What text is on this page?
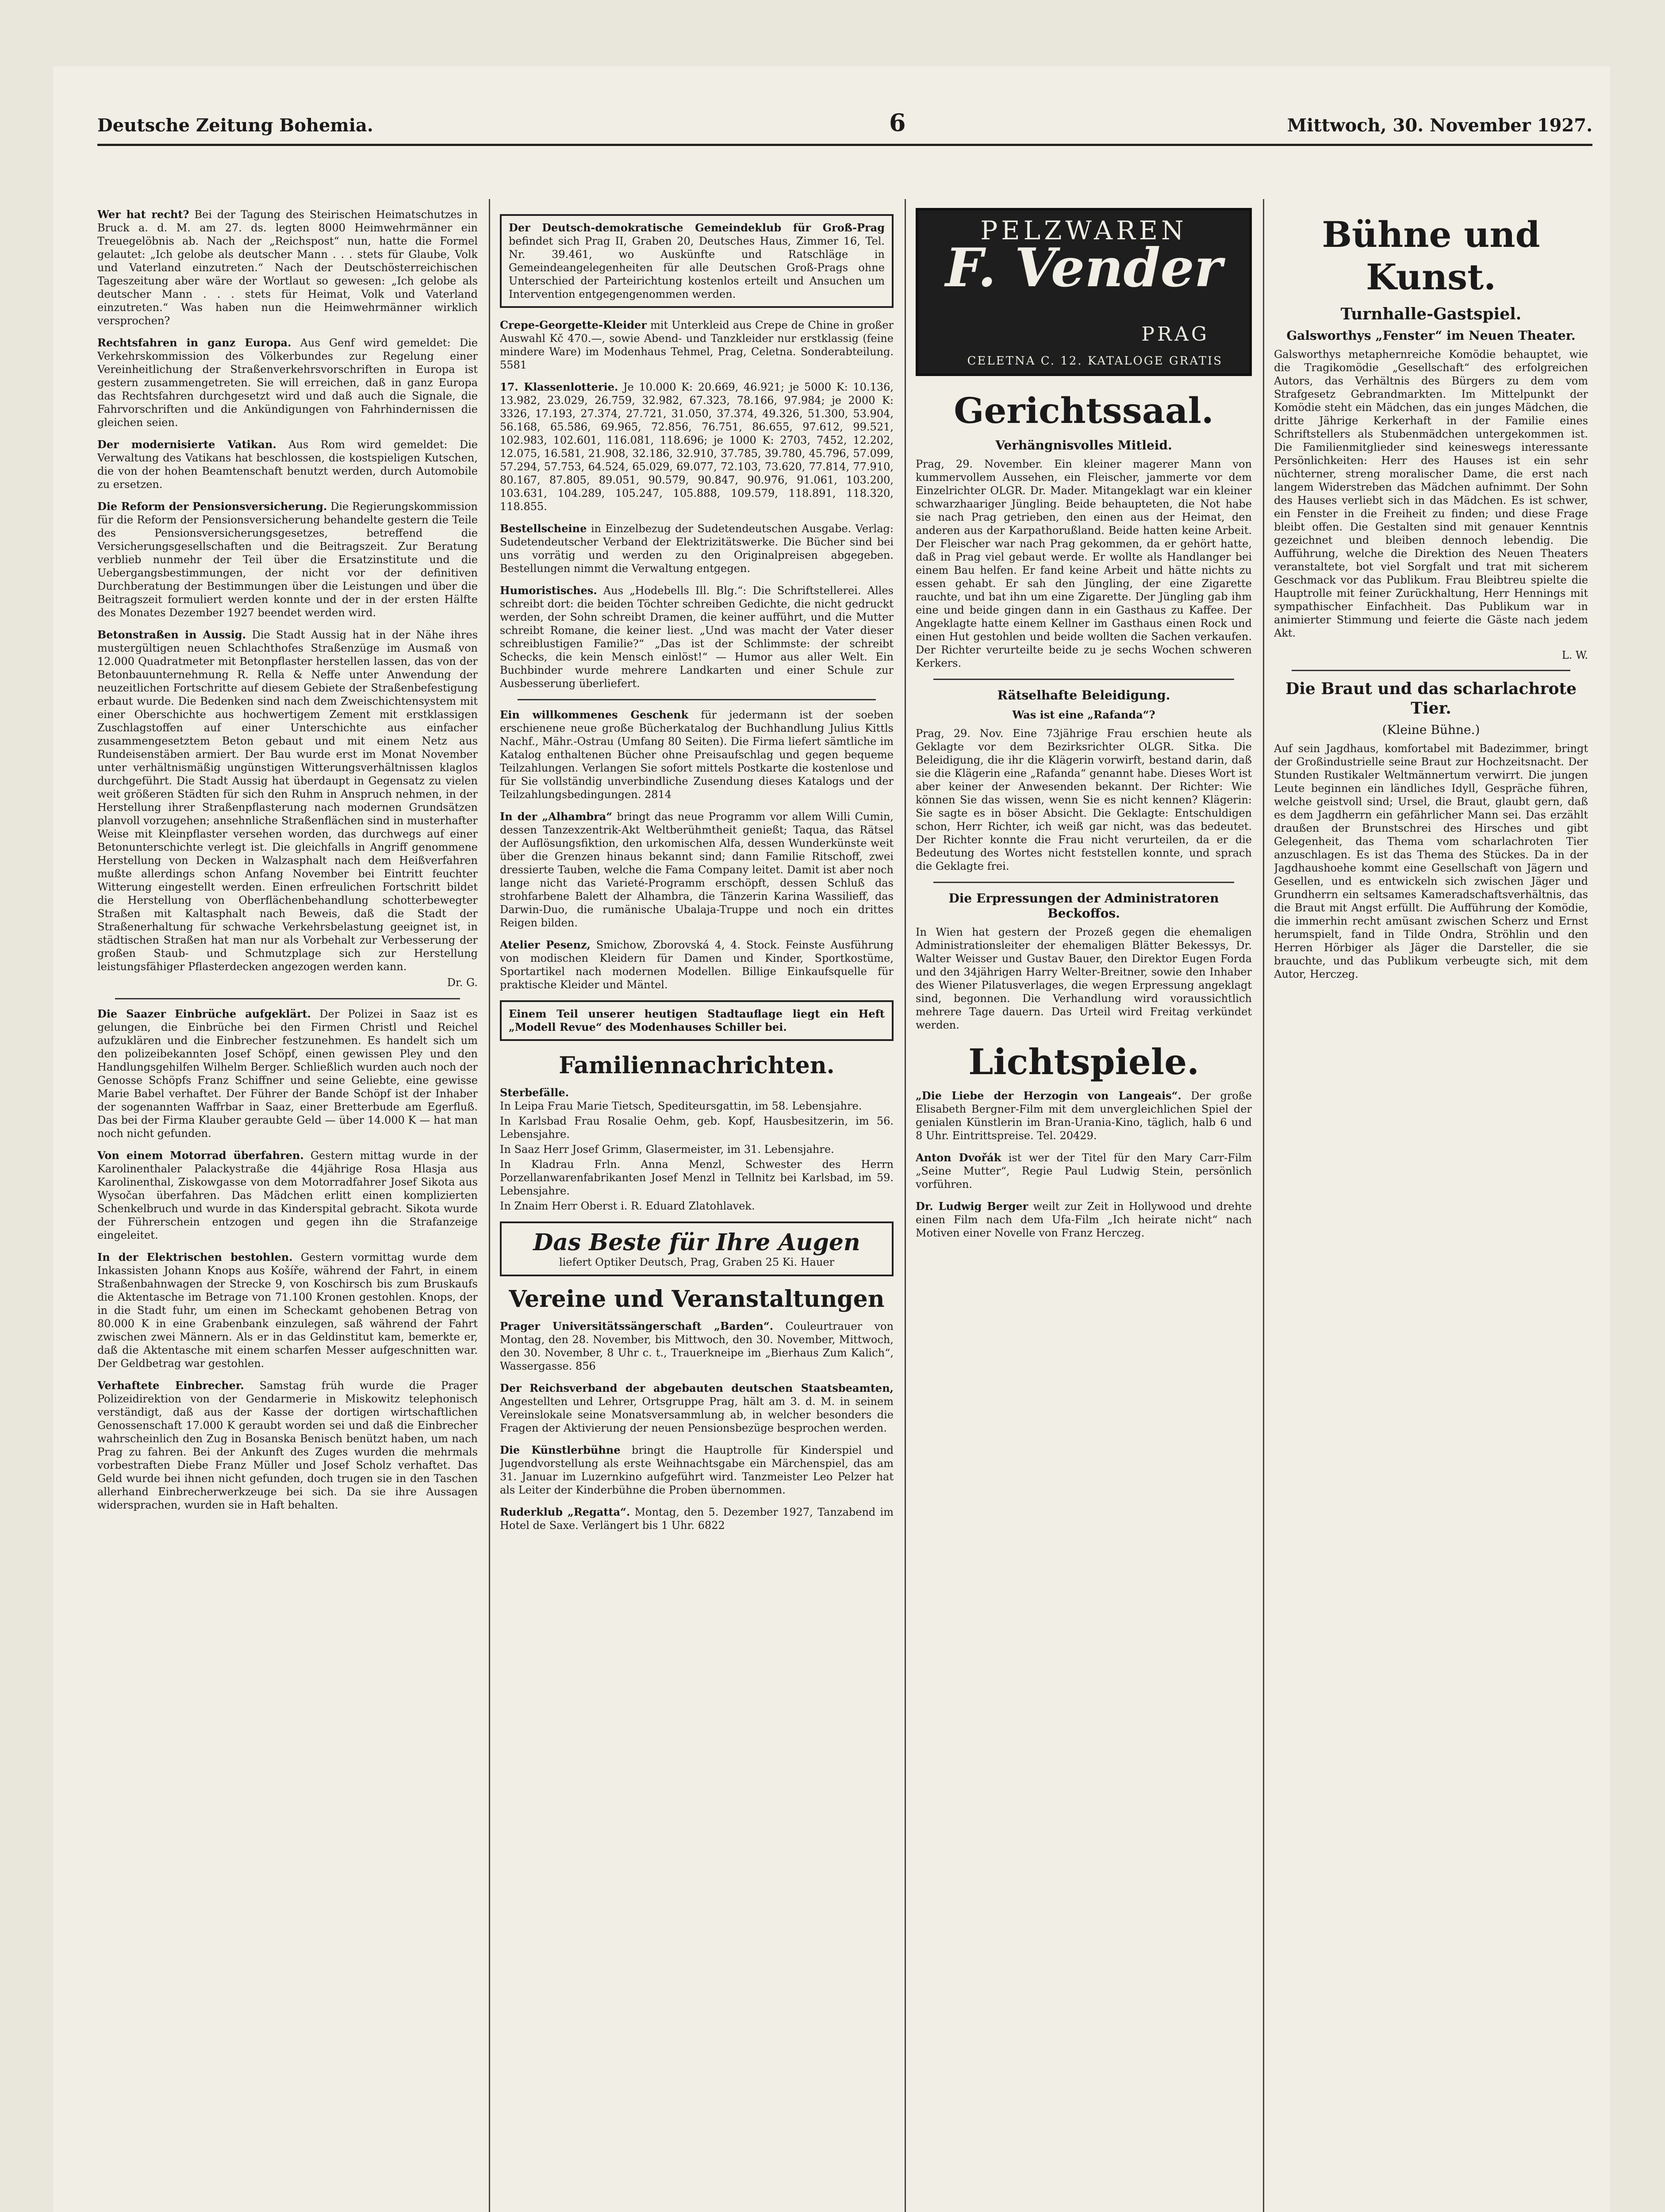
Deutsche Zeitung Bohemia.	6	Mittwoch, 30. November 1927.
Wer hat recht? Bei der Tagung des Steirischen Heimatschutzes in Bruck a. d. M. am 27. ds. legten 8000 Heimwehrmänner ein Treuegelöbnis ab. Nach der „Reichspost“ nun, hatte die Formel gelautet: „Ich gelobe als deutscher Mann . . . stets für Glaube, Volk und Vaterland einzutreten.“ Nach der Deutschösterreichischen Tageszeitung aber wäre der Wortlaut so gewesen: „Ich gelobe als deutscher Mann . . . stets für Heimat, Volk und Vaterland einzutreten.“ Was haben nun die Heimwehrmänner wirklich versprochen?
Rechtsfahren in ganz Europa. Aus Genf wird gemeldet: Die Verkehrskommission des Völkerbundes zur Regelung einer Vereinheitlichung der Straßenverkehrsvorschriften in Europa ist gestern zusammengetreten. Sie will erreichen, daß in ganz Europa das Rechtsfahren durchgesetzt wird und daß auch die Signale, die Fahrvorschriften und die Ankündigungen von Fahrhindernissen die gleichen seien.
Der modernisierte Vatikan. Aus Rom wird gemeldet: Die Verwaltung des Vatikans hat beschlossen, die kostspieligen Kutschen, die von der hohen Beamtenschaft benutzt werden, durch Automobile zu ersetzen.
Die Reform der Pensionsversicherung. Die Regierungskommission für die Reform der Pensionsversicherung behandelte gestern die Teile des Pensionsversicherungsgesetzes, betreffend die Versicherungsgesellschaften und die Beitragszeit. Zur Beratung verblieb nunmehr der Teil über die Ersatzinstitute und die Uebergangsbestimmungen, der nicht vor der definitiven Durchberatung der Bestimmungen über die Leistungen und über die Beitragszeit formuliert werden konnte und der in der ersten Hälfte des Monates Dezember 1927 beendet werden wird.
Betonstraßen in Aussig. Die Stadt Aussig hat in der Nähe ihres mustergültigen neuen Schlachthofes Straßenzüge im Ausmaß von 12.000 Quadratmeter mit Betonpflaster herstellen lassen, das von der Betonbauunternehmung R. Rella & Neffe unter Anwendung der neuzeitlichen Fortschritte auf diesem Gebiete der Straßenbefestigung erbaut wurde. Die Bedenken sind nach dem Zweischichtensystem mit einer Oberschichte aus hochwertigem Zement mit erstklassigen Zuschlagstoffen auf einer Unterschichte aus einfacher zusammengesetztem Beton gebaut und mit einem Netz aus Rundeisenstäben armiert. Der Bau wurde erst im Monat November unter verhältnismäßig ungünstigen Witterungsverhältnissen klaglos durchgeführt. Die Stadt Aussig hat überdaupt in Gegensatz zu vielen weit größeren Städten für sich den Ruhm in Anspruch nehmen, in der Herstellung ihrer Straßenpflasterung nach modernen Grundsätzen planvoll vorzugehen; ansehnliche Straßenflächen sind in musterhafter Weise mit Kleinpflaster versehen worden, das durchwegs auf einer Betonunterschichte verlegt ist. Die gleichfalls in Angriff genommene Herstellung von Decken in Walzasphalt nach dem Heißverfahren mußte allerdings schon Anfang November bei Eintritt feuchter Witterung eingestellt werden. Einen erfreulichen Fortschritt bildet die Herstellung von Oberflächenbehandlung schotterbewegter Straßen mit Kaltasphalt nach Beweis, daß die Stadt der Straßenerhaltung für schwache Verkehrsbelastung geeignet ist, in städtischen Straßen hat man nur als Vorbehalt zur Verbesserung der großen Staub- und Schmutzplage sich zur Herstellung leistungsfähiger Pflasterdecken angezogen werden kann.
Dr. G.
Die Saazer Einbrüche aufgeklärt. Der Polizei in Saaz ist es gelungen, die Einbrüche bei den Firmen Christl und Reichel aufzuklären und die Einbrecher festzunehmen. Es handelt sich um den polizeibekannten Josef Schöpf, einen gewissen Pley und den Handlungsgehilfen Wilhelm Berger. Schließlich wurden auch noch der Genosse Schöpfs Franz Schiffner und seine Geliebte, eine gewisse Marie Babel verhaftet. Der Führer der Bande Schöpf ist der Inhaber der sogenannten Waffrbar in Saaz, einer Bretterbude am Egerfluß. Das bei der Firma Klauber geraubte Geld — über 14.000 K — hat man noch nicht gefunden.
Von einem Motorrad überfahren. Gestern mittag wurde in der Karolinenthaler Palackystraße die 44jährige Rosa Hlasja aus Karolinenthal, Ziskowgasse von dem Motorradfahrer Josef Sikota aus Wysočan überfahren. Das Mädchen erlitt einen komplizierten Schenkelbruch und wurde in das Kinderspital gebracht. Sikota wurde der Führerschein entzogen und gegen ihn die Strafanzeige eingeleitet.
In der Elektrischen bestohlen. Gestern vormittag wurde dem Inkassisten Johann Knops aus Košíře, während der Fahrt, in einem Straßenbahnwagen der Strecke 9, von Koschirsch bis zum Bruskaufs die Aktentasche im Betrage von 71.100 Kronen gestohlen. Knops, der in die Stadt fuhr, um einen im Scheckamt gehobenen Betrag von 80.000 K in eine Grabenbank einzulegen, saß während der Fahrt zwischen zwei Männern. Als er in das Geldinstitut kam, bemerkte er, daß die Aktentasche mit einem scharfen Messer aufgeschnitten war. Der Geldbetrag war gestohlen.
Verhaftete Einbrecher. Samstag früh wurde die Prager Polizeidirektion von der Gendarmerie in Miskowitz telephonisch verständigt, daß aus der Kasse der dortigen wirtschaftlichen Genossenschaft 17.000 K geraubt worden sei und daß die Einbrecher wahrscheinlich den Zug in Bosanska Benisch benützt haben, um nach Prag zu fahren. Bei der Ankunft des Zuges wurden die mehrmals vorbestraften Diebe Franz Müller und Josef Scholz verhaftet. Das Geld wurde bei ihnen nicht gefunden, doch trugen sie in den Taschen allerhand Einbrecherwerkzeuge bei sich. Da sie ihre Aussagen widersprachen, wurden sie in Haft behalten.
Der Deutsch-demokratische Gemeindeklub für Groß-Prag befindet sich Prag II, Graben 20, Deutsches Haus, Zimmer 16, Tel. Nr. 39.461, wo Auskünfte und Ratschläge in Gemeindeangelegenheiten für alle Deutschen Groß-Prags ohne Unterschied der Parteirichtung kostenlos erteilt und Ansuchen um Intervention entgegengenommen werden.
Crepe-Georgette-Kleider mit Unterkleid aus Crepe de Chine in großer Auswahl Kč 470.—, sowie Abend- und Tanzkleider nur erstklassig (feine mindere Ware) im Modenhaus Tehmel, Prag, Celetna. Sonderabteilung. 5581
17. Klassenlotterie. Je 10.000 K: 20.669, 46.921; je 5000 K: 10.136, 13.982, 23.029, 26.759, 32.982, 67.323, 78.166, 97.984; je 2000 K: 3326, 17.193, 27.374, 27.721, 31.050, 37.374, 49.326, 51.300, 53.904, 56.168, 65.586, 69.965, 72.856, 76.751, 86.655, 97.612, 99.521, 102.983, 102.601, 116.081, 118.696; je 1000 K: 2703, 7452, 12.202, 12.075, 16.581, 21.908, 32.186, 32.910, 37.785, 39.780, 45.796, 57.099, 57.294, 57.753, 64.524, 65.029, 69.077, 72.103, 73.620, 77.814, 77.910, 80.167, 87.805, 89.051, 90.579, 90.847, 90.976, 91.061, 103.200, 103.631, 104.289, 105.247, 105.888, 109.579, 118.891, 118.320, 118.855.
Bestellscheine in Einzelbezug der Sudetendeutschen Ausgabe. Verlag: Sudetendeutscher Verband der Elektrizitätswerke. Die Bücher sind bei uns vorrätig und werden zu den Originalpreisen abgegeben. Bestellungen nimmt die Verwaltung entgegen.
Humoristisches. Aus „Hodebells Ill. Blg.“: Die Schriftstellerei. Alles schreibt dort: die beiden Töchter schreiben Gedichte, die nicht gedruckt werden, der Sohn schreibt Dramen, die keiner aufführt, und die Mutter schreibt Romane, die keiner liest. „Und was macht der Vater dieser schreiblustigen Familie?“ „Das ist der Schlimmste: der schreibt Schecks, die kein Mensch einlöst!“ — Humor aus aller Welt. Ein Buchbinder wurde mehrere Landkarten und einer Schule zur Ausbesserung überliefert.
Ein willkommenes Geschenk für jedermann ist der soeben erschienene neue große Bücherkatalog der Buchhandlung Julius Kittls Nachf., Mähr.-Ostrau (Umfang 80 Seiten). Die Firma liefert sämtliche im Katalog enthaltenen Bücher ohne Preisaufschlag und gegen bequeme Teilzahlungen. Verlangen Sie sofort mittels Postkarte die kostenlose und für Sie vollständig unverbindliche Zusendung dieses Katalogs und der Teilzahlungsbedingungen. 2814
In der „Alhambra“ bringt das neue Programm vor allem Willi Cumin, dessen Tanzexzentrik-Akt Weltberühmtheit genießt; Taqua, das Rätsel der Auflösungsfiktion, den urkomischen Alfa, dessen Wunderkünste weit über die Grenzen hinaus bekannt sind; dann Familie Ritschoff, zwei dressierte Tauben, welche die Fama Company leitet. Damit ist aber noch lange nicht das Varieté-Programm erschöpft, dessen Schluß das strohfarbene Balett der Alhambra, die Tänzerin Karina Wassilieff, das Darwin-Duo, die rumänische Ubalaja-Truppe und noch ein drittes Reigen bilden.
Atelier Pesenz, Smichow, Zborovská 4, 4. Stock. Feinste Ausführung von modischen Kleidern für Damen und Kinder, Sportkostüme, Sportartikel nach modernen Modellen. Billige Einkaufsquelle für praktische Kleider und Mäntel.
Einem Teil unserer heutigen Stadtauflage liegt ein Heft „Modell Revue“ des Modenhauses Schiller bei.
Familiennachrichten.
Sterbefälle.
In Leipa Frau Marie Tietsch, Spediteursgattin, im 58. Lebensjahre.
In Karlsbad Frau Rosalie Oehm, geb. Kopf, Hausbesitzerin, im 56. Lebensjahre.
In Saaz Herr Josef Grimm, Glasermeister, im 31. Lebensjahre.
In Kladrau Frln. Anna Menzl, Schwester des Herrn Porzellanwarenfabrikanten Josef Menzl in Tellnitz bei Karlsbad, im 59. Lebensjahre.
In Znaim Herr Oberst i. R. Eduard Zlatohlavek.
Das Beste für Ihre Augen
liefert Optiker Deutsch, Prag, Graben 25 Ki. Hauer
Vereine und Veranstaltungen
Prager Universitätssängerschaft „Barden“. Couleurtrauer von Montag, den 28. November, bis Mittwoch, den 30. November, Mittwoch, den 30. November, 8 Uhr c. t., Trauerkneipe im „Bierhaus Zum Kalich“, Wassergasse. 856
Der Reichsverband der abgebauten deutschen Staatsbeamten, Angestellten und Lehrer, Ortsgruppe Prag, hält am 3. d. M. in seinem Vereinslokale seine Monatsversammlung ab, in welcher besonders die Fragen der Aktivierung der neuen Pensionsbezüge besprochen werden.
Die Künstlerbühne bringt die Hauptrolle für Kinderspiel und Jugendvorstellung als erste Weihnachtsgabe ein Märchenspiel, das am 31. Januar im Luzernkino aufgeführt wird. Tanzmeister Leo Pelzer hat als Leiter der Kinderbühne die Proben übernommen.
Ruderklub „Regatta“. Montag, den 5. Dezember 1927, Tanzabend im Hotel de Saxe. Verlängert bis 1 Uhr. 6822
PELZWAREN
F. Vender
PRAG
CELETNA C. 12. KATALOGE GRATIS
Gerichtssaal.
Verhängnisvolles Mitleid.
Prag, 29. November. Ein kleiner magerer Mann von kummervollem Aussehen, ein Fleischer, jammerte vor dem Einzelrichter OLGR. Dr. Mader. Mitangeklagt war ein kleiner schwarzhaariger Jüngling. Beide behaupteten, die Not habe sie nach Prag getrieben, den einen aus der Heimat, den anderen aus der Karpathorußland. Beide hatten keine Arbeit. Der Fleischer war nach Prag gekommen, da er gehört hatte, daß in Prag viel gebaut werde. Er wollte als Handlanger bei einem Bau helfen. Er fand keine Arbeit und hätte nichts zu essen gehabt. Er sah den Jüngling, der eine Zigarette rauchte, und bat ihn um eine Zigarette. Der Jüngling gab ihm eine und beide gingen dann in ein Gasthaus zu Kaffee. Der Angeklagte hatte einem Kellner im Gasthaus einen Rock und einen Hut gestohlen und beide wollten die Sachen verkaufen. Der Richter verurteilte beide zu je sechs Wochen schweren Kerkers.
Rätselhafte Beleidigung.
Was ist eine „Rafanda“?
Prag, 29. Nov. Eine 73jährige Frau erschien heute als Geklagte vor dem Bezirksrichter OLGR. Sitka. Die Beleidigung, die ihr die Klägerin vorwirft, bestand darin, daß sie die Klägerin eine „Rafanda“ genannt habe. Dieses Wort ist aber keiner der Anwesenden bekannt. Der Richter: Wie können Sie das wissen, wenn Sie es nicht kennen? Klägerin: Sie sagte es in böser Absicht. Die Geklagte: Entschuldigen schon, Herr Richter, ich weiß gar nicht, was das bedeutet. Der Richter konnte die Frau nicht verurteilen, da er die Bedeutung des Wortes nicht feststellen konnte, und sprach die Geklagte frei.
Die Erpressungen der Administratoren Beckoffos.
In Wien hat gestern der Prozeß gegen die ehemaligen Administrationsleiter der ehemaligen Blätter Bekessys, Dr. Walter Weisser und Gustav Bauer, den Direktor Eugen Forda und den 34jährigen Harry Welter-Breitner, sowie den Inhaber des Wiener Pilatusverlages, die wegen Erpressung angeklagt sind, begonnen. Die Verhandlung wird voraussichtlich mehrere Tage dauern. Das Urteil wird Freitag verkündet werden.
Lichtspiele.
„Die Liebe der Herzogin von Langeais“. Der große Elisabeth Bergner-Film mit dem unvergleichlichen Spiel der genialen Künstlerin im Bran-Urania-Kino, täglich, halb 6 und 8 Uhr. Eintrittspreise. Tel. 20429.
Anton Dvořák ist wer der Titel für den Mary Carr-Film „Seine Mutter“, Regie Paul Ludwig Stein, persönlich vorführen.
Dr. Ludwig Berger weilt zur Zeit in Hollywood und drehte einen Film nach dem Ufa-Film „Ich heirate nicht“ nach Motiven einer Novelle von Franz Herczeg.
Bühne und Kunst.
Turnhalle-Gastspiel.
Galsworthys „Fenster“ im Neuen Theater.
Galsworthys metaphernreiche Komödie behauptet, wie die Tragikomödie „Gesellschaft“ des erfolgreichen Autors, das Verhältnis des Bürgers zu dem vom Strafgesetz Gebrandmarkten. Im Mittelpunkt der Komödie steht ein Mädchen, das ein junges Mädchen, die dritte Jährige Kerkerhaft in der Familie eines Schriftstellers als Stubenmädchen untergekommen ist. Die Familienmitglieder sind keineswegs interessante Persönlichkeiten: Herr des Hauses ist ein sehr nüchterner, streng moralischer Dame, die erst nach langem Widerstreben das Mädchen aufnimmt. Der Sohn des Hauses verliebt sich in das Mädchen. Es ist schwer, ein Fenster in die Freiheit zu finden; und diese Frage bleibt offen. Die Gestalten sind mit genauer Kenntnis gezeichnet und bleiben dennoch lebendig. Die Aufführung, welche die Direktion des Neuen Theaters veranstaltete, bot viel Sorgfalt und trat mit sicherem Geschmack vor das Publikum. Frau Bleibtreu spielte die Hauptrolle mit feiner Zurückhaltung, Herr Hennings mit sympathischer Einfachheit. Das Publikum war in animierter Stimmung und feierte die Gäste nach jedem Akt.
L. W.
Die Braut und das scharlachrote Tier.
(Kleine Bühne.)
Auf sein Jagdhaus, komfortabel mit Badezimmer, bringt der Großindustrielle seine Braut zur Hochzeitsnacht. Der Stunden Rustikaler Weltmännertum verwirrt. Die jungen Leute beginnen ein ländliches Idyll, Gespräche führen, welche geistvoll sind; Ursel, die Braut, glaubt gern, daß es dem Jagdherrn ein gefährlicher Mann sei. Das erzählt draußen der Brunstschrei des Hirsches und gibt Gelegenheit, das Thema vom scharlachroten Tier anzuschlagen. Es ist das Thema des Stückes. Da in der Jagdhaushoehe kommt eine Gesellschaft von Jägern und Gesellen, und es entwickeln sich zwischen Jäger und Grundherrn ein seltsames Kameradschaftsverhältnis, das die Braut mit Angst erfüllt. Die Aufführung der Komödie, die immerhin recht amüsant zwischen Scherz und Ernst herumspielt, fand in Tilde Ondra, Ströhlin und den Herren Hörbiger als Jäger die Darsteller, die sie brauchte, und das Publikum verbeugte sich, mit dem Autor, Herczeg.
